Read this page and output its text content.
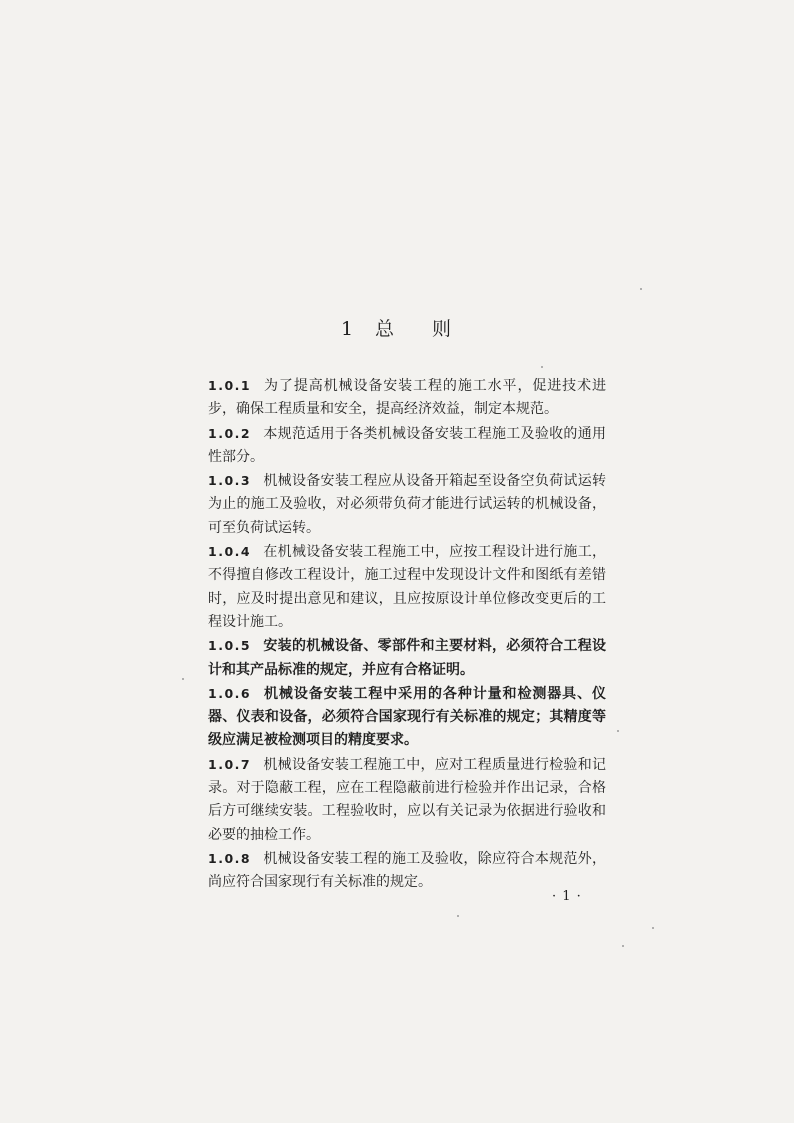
1 总 则

1.0.1 为了提高机械设备安装工程的施工水平，促进技术进步，确保工程质量和安全，提高经济效益，制定本规范。

1.0.2 本规范适用于各类机械设备安装工程施工及验收的通用性部分。

1.0.3 机械设备安装工程应从设备开箱起至设备空负荷试运转为止的施工及验收，对必须带负荷才能进行试运转的机械设备，可至负荷试运转。

1.0.4 在机械设备安装工程施工中，应按工程设计进行施工，不得擅自修改工程设计，施工过程中发现设计文件和图纸有差错时，应及时提出意见和建议，且应按原设计单位修改变更后的工程设计施工。

1.0.5 安装的机械设备、零部件和主要材料，必须符合工程设计和其产品标准的规定，并应有合格证明。

1.0.6 机械设备安装工程中采用的各种计量和检测器具、仪器、仪表和设备，必须符合国家现行有关标准的规定；其精度等级应满足被检测项目的精度要求。

1.0.7 机械设备安装工程施工中，应对工程质量进行检验和记录。对于隐蔽工程，应在工程隐蔽前进行检验并作出记录，合格后方可继续安装。工程验收时，应以有关记录为依据进行验收和必要的抽检工作。

1.0.8 机械设备安装工程的施工及验收，除应符合本规范外，尚应符合国家现行有关标准的规定。

· 1 ·
